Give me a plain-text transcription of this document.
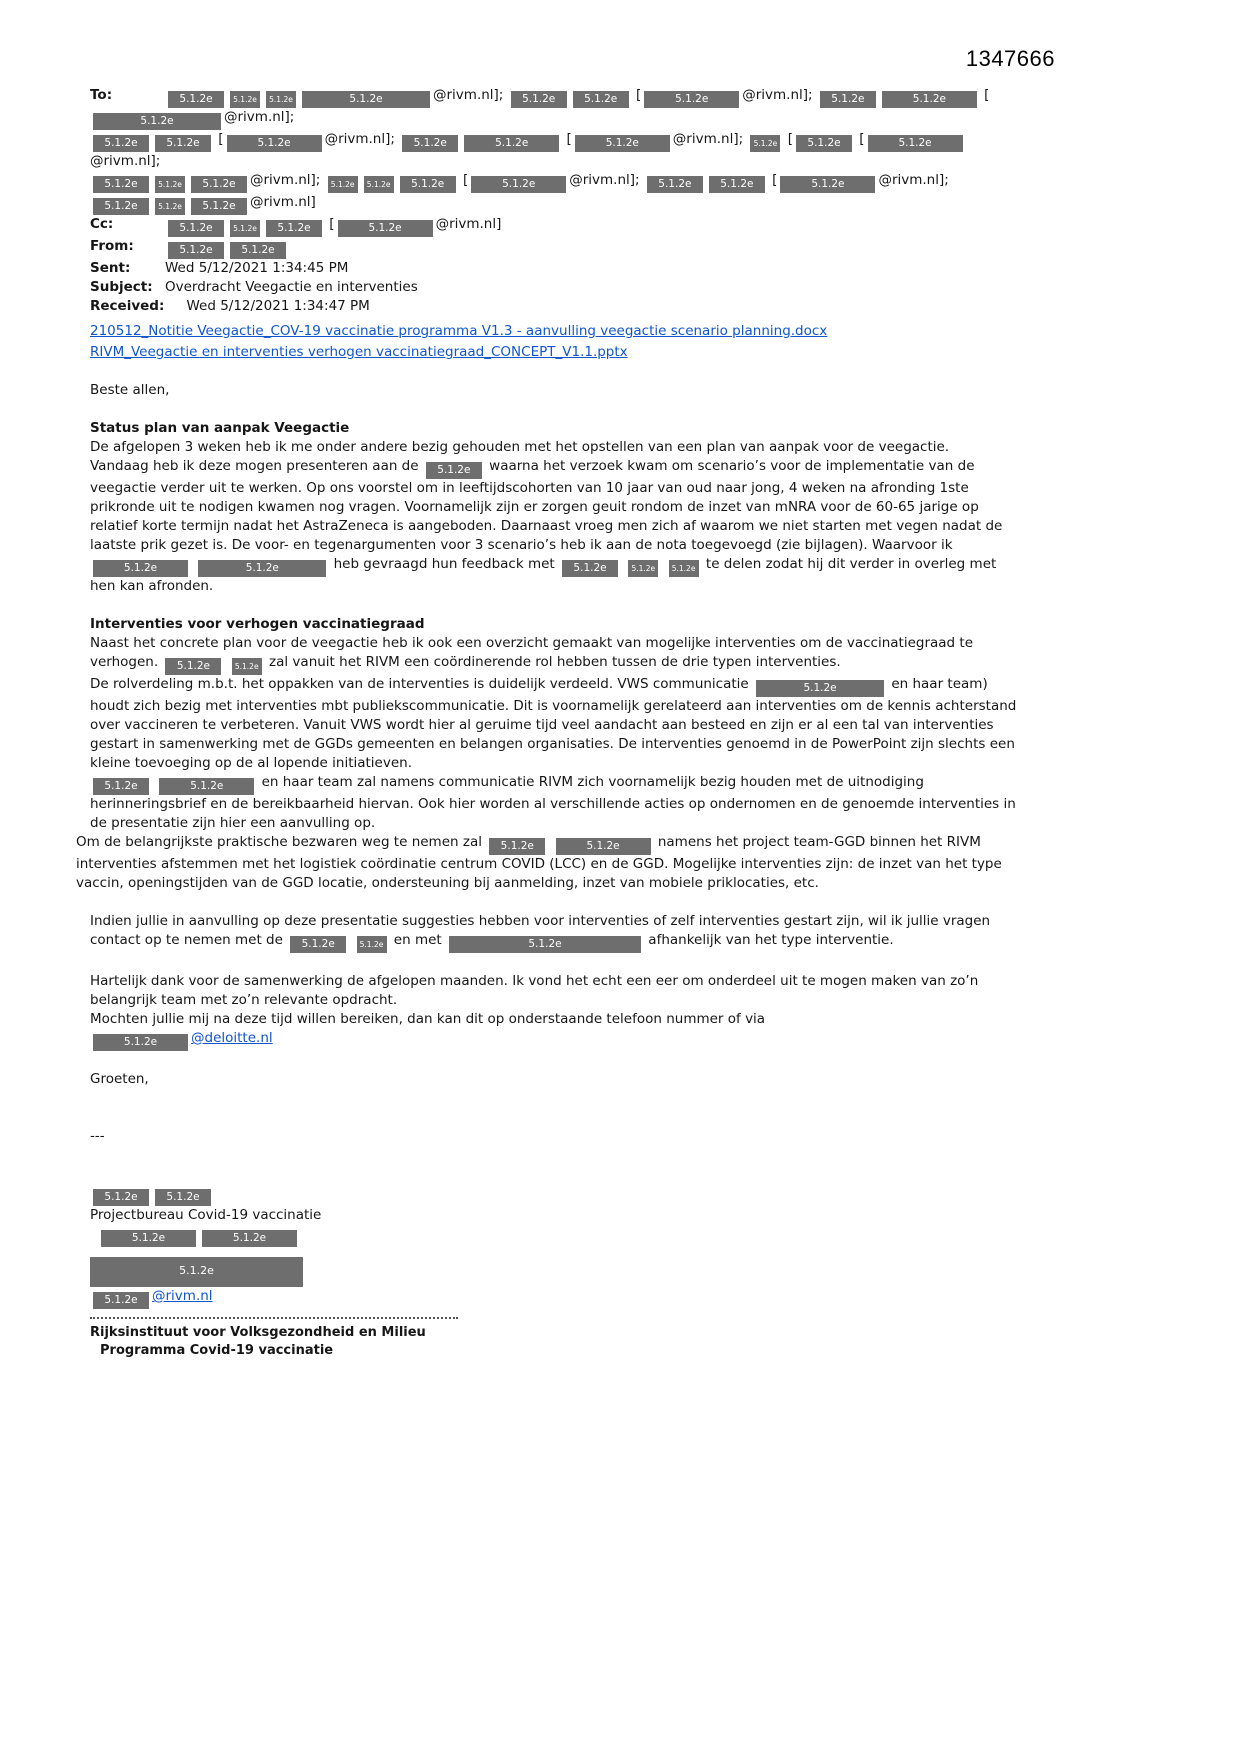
1347666
To:	5.1.2e	5.1.2e 5.1.2e	5.1.2e	@rivm.nl]; 5.1.2e	5.1.2e [	5.1.2e	@rivm.nl]; 5.1.2e	5.1.2e	[5.1.2e	@rivm.nl];
5.1.2e	5.1.2e [	5.1.2e	@rivm.nl]; 5.1.2e	5.1.2e	[	5.1.2e	@rivm.nl]; 5.1.2e [ 5.1.2e [	5.1.2e@rivm.nl];
5.1.2e	5.1.2e 5.1.2e @rivm.nl]; 5.1.2e 5.1.2e 5.1.2e [	5.1.2e	@rivm.nl]; 5.1.2e	5.1.2e [	5.1.2e	@rivm.nl];
5.1.2e	5.1.2e 5.1.2e @rivm.nl]
Cc:	5.1.2e	5.1.2e 5.1.2e [	5.1.2e	@rivm.nl]
From:	5.1.2e	5.1.2e
Sent:	Wed 5/12/2021 1:34:45 PM
Subject: Overdracht Veegactie en interventies
Received: Wed 5/12/2021 1:34:47 PM
210512_Notitie Veegactie_COV-19 vaccinatie programma V1.3 - aanvulling veegactie scenario planning.docx
RIVM_Veegactie en interventies verhogen vaccinatiegraad_CONCEPT_V1.1.pptx

Beste allen,

Status plan van aanpak Veegactie

De afgelopen 3 weken heb ik me onder andere bezig gehouden met het opstellen van een plan van aanpak voor de veegactie.

Vandaag heb ik deze mogen presenteren aan de 5.1.2e waarna het verzoek kwam om scenario’s voor de implementatie van de veegactie verder uit te werken. Op ons voorstel om in leeftijdscohorten van 10 jaar van oud naar jong, 4 weken na afronding 1ste prikronde uit te nodigen kwamen nog vragen. Voornamelijk zijn er zorgen geuit rondom de inzet van mNRA voor de 60-65 jarige op relatief korte termijn nadat het AstraZeneca is aangeboden. Daarnaast vroeg men zich af waarom we niet starten met vegen nadat de laatste prik gezet is. De voor- en tegenargumenten voor 3 scenario’s heb ik aan de nota toegevoegd (zie bijlagen). Waarvoor ik 5.1.2e	5.1.2e	heb gevraagd hun feedback met 5.1.2e	5.1.2e 5.1.2e te delen zodat hij dit verder in overleg met hen kan afronden.

Interventies voor verhogen vaccinatiegraad

Naast het concrete plan voor de veegactie heb ik ook een overzicht gemaakt van mogelijke interventies om de vaccinatiegraad te verhogen. 5.1.2e	5.1.2e zal vanuit het RIVM een coördinerende rol hebben tussen de drie typen interventies.

De rolverdeling m.b.t. het oppakken van de interventies is duidelijk verdeeld. VWS communicatie	5.1.2e	en haar team) houdt zich bezig met interventies mbt publiekscommunicatie. Dit is voornamelijk gerelateerd aan interventies om de kennis achterstand over vaccineren te verbeteren. Vanuit VWS wordt hier al geruime tijd veel aandacht aan besteed en zijn er al een tal van interventies gestart in samenwerking met de GGDs gemeenten en belangen organisaties. De interventies genoemd in de PowerPoint zijn slechts een kleine toevoeging op de al lopende initiatieven.

5.1.2e	5.1.2e	en haar team zal namens communicatie RIVM zich voornamelijk bezig houden met de uitnodiging herinneringsbrief en de bereikbaarheid hiervan. Ook hier worden al verschillende acties op ondernomen en de genoemde interventies in de presentatie zijn hier een aanvulling op.

Om de belangrijkste praktische bezwaren weg te nemen zal 5.1.2e	5.1.2e	namens het project team-GGD binnen het RIVM interventies afstemmen met het logistiek coördinatie centrum COVID (LCC) en de GGD. Mogelijke interventies zijn: de inzet van het type vaccin, openingstijden van de GGD locatie, ondersteuning bij aanmelding, inzet van mobiele priklocaties, etc.

Indien jullie in aanvulling op deze presentatie suggesties hebben voor interventies of zelf interventies gestart zijn, wil ik jullie vragen contact op te nemen met de 5.1.2e	5.1.2e en met	5.1.2e	afhankelijk van het type interventie.

Hartelijk dank voor de samenwerking de afgelopen maanden. Ik vond het echt een eer om onderdeel uit te mogen maken van zo’n belangrijk team met zo’n relevante opdracht.

Mochten jullie mij na deze tijd willen bereiken, dan kan dit op onderstaande telefoon nummer of via

5.1.2e	@deloitte.nl

Groeten,

---

5.1.2e	5.1.2e

Projectbureau Covid-19 vaccinatie

5.1.2e	5.1.2e

5.1.2e

5.1.2e @rivm.nl

Rijksinstituut voor Volksgezondheid en Milieu

Programma Covid-19 vaccinatie
